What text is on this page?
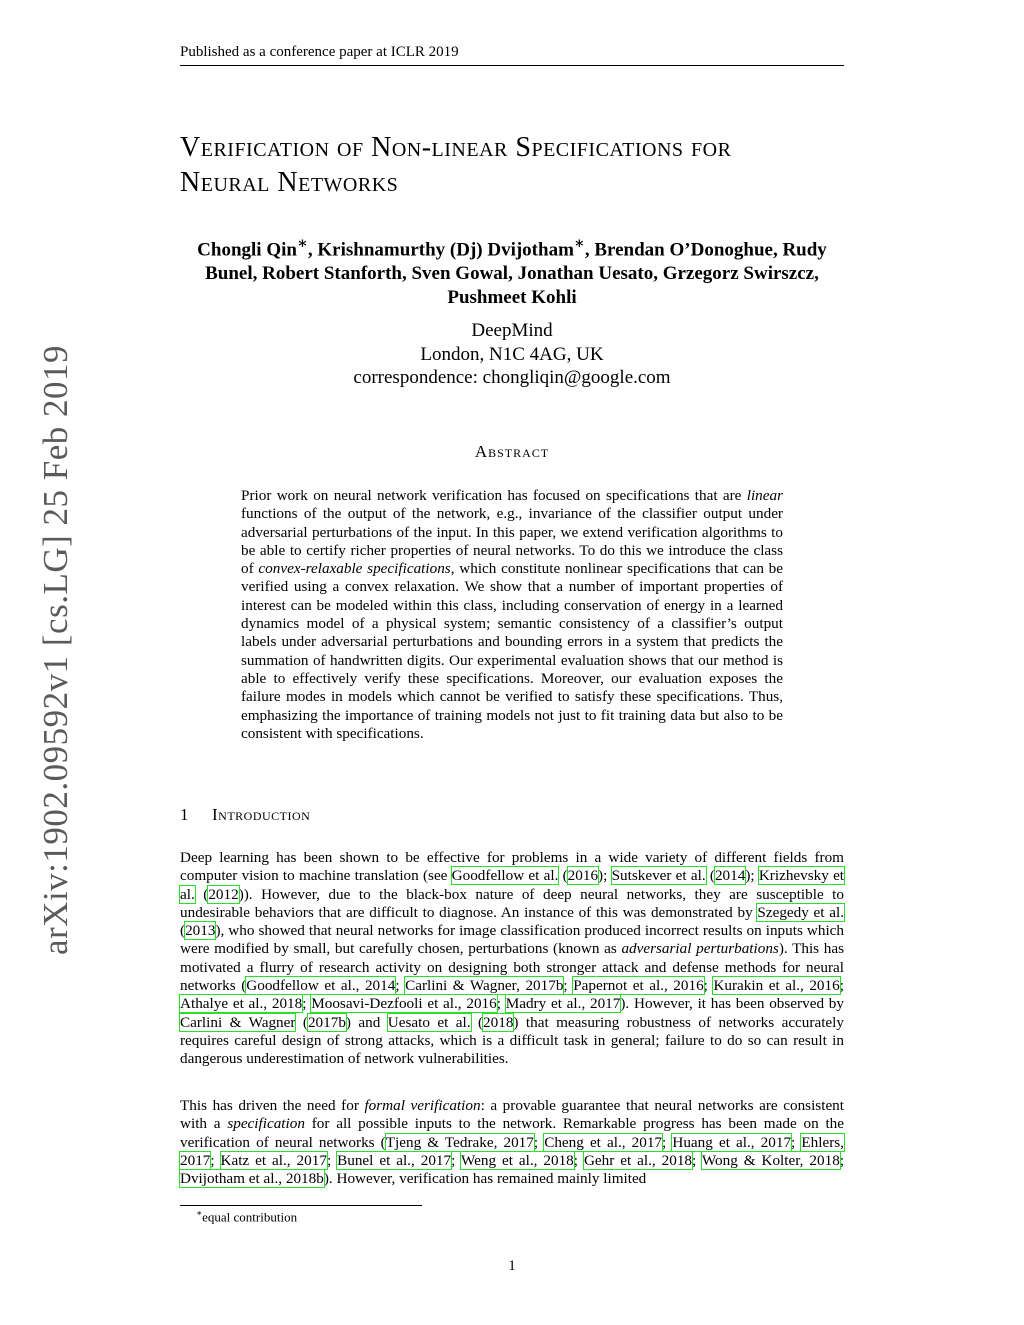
Published as a conference paper at ICLR 2019
arXiv:1902.09592v1 [cs.LG] 25 Feb 2019
Verification of Non-linear Specifications for
Neural Networks
Chongli Qin∗, Krishnamurthy (Dj) Dvijotham∗, Brendan O’Donoghue, Rudy
Bunel, Robert Stanforth, Sven Gowal, Jonathan Uesato, Grzegorz Swirszcz,
Pushmeet Kohli
DeepMind
London, N1C 4AG, UK
correspondence: chongliqin@google.com
Abstract
Prior work on neural network verification has focused on specifications that are linear functions of the output of the network, e.g., invariance of the classifier output under adversarial perturbations of the input. In this paper, we extend verification algorithms to be able to certify richer properties of neural networks. To do this we introduce the class of convex-relaxable specifications, which constitute nonlinear specifications that can be verified using a convex relaxation. We show that a number of important properties of interest can be modeled within this class, including conservation of energy in a learned dynamics model of a physical system; semantic consistency of a classifier’s output labels under adversarial perturbations and bounding errors in a system that predicts the summation of handwritten digits. Our experimental evaluation shows that our method is able to effectively verify these specifications. Moreover, our evaluation exposes the failure modes in models which cannot be verified to satisfy these specifications. Thus, emphasizing the importance of training models not just to fit training data but also to be consistent with specifications.
1 Introduction
Deep learning has been shown to be effective for problems in a wide variety of different fields from computer vision to machine translation (see Goodfellow et al. (2016); Sutskever et al. (2014); Krizhevsky et al. (2012)). However, due to the black-box nature of deep neural networks, they are susceptible to undesirable behaviors that are difficult to diagnose. An instance of this was demonstrated by Szegedy et al. (2013), who showed that neural networks for image classification produced incorrect results on inputs which were modified by small, but carefully chosen, perturbations (known as adversarial perturbations). This has motivated a flurry of research activity on designing both stronger attack and defense methods for neural networks (Goodfellow et al., 2014; Carlini & Wagner, 2017b; Papernot et al., 2016; Kurakin et al., 2016; Athalye et al., 2018; Moosavi-Dezfooli et al., 2016; Madry et al., 2017). However, it has been observed by Carlini & Wagner (2017b) and Uesato et al. (2018) that measuring robustness of networks accurately requires careful design of strong attacks, which is a difficult task in general; failure to do so can result in dangerous underestimation of network vulnerabilities.
This has driven the need for formal verification: a provable guarantee that neural networks are consistent with a specification for all possible inputs to the network. Remarkable progress has been made on the verification of neural networks (Tjeng & Tedrake, 2017; Cheng et al., 2017; Huang et al., 2017; Ehlers, 2017; Katz et al., 2017; Bunel et al., 2017; Weng et al., 2018; Gehr et al., 2018; Wong & Kolter, 2018; Dvijotham et al., 2018b). However, verification has remained mainly limited
∗equal contribution
1
